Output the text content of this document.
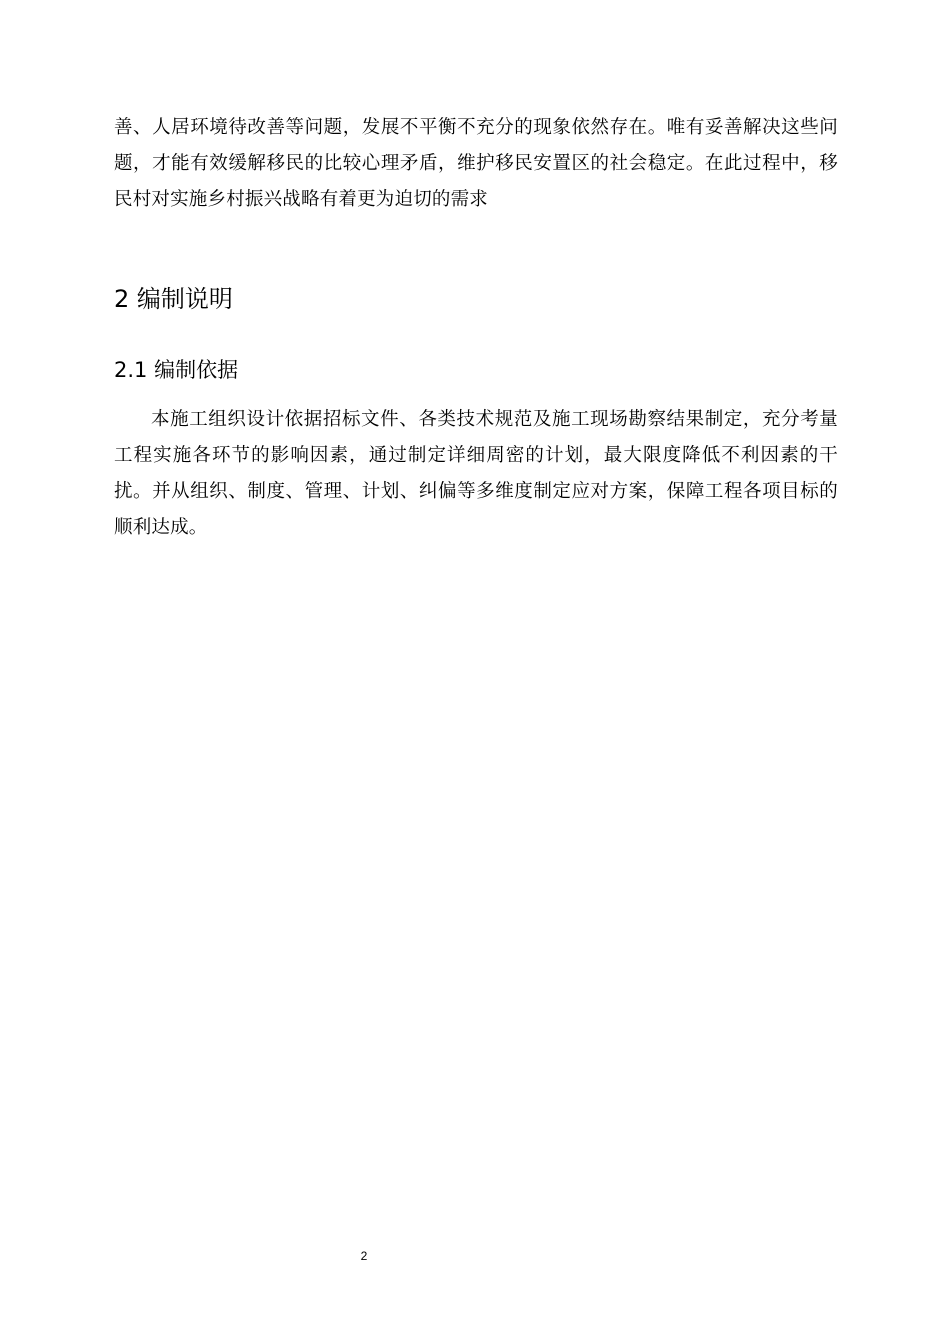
善、人居环境待改善等问题，发展不平衡不充分的现象依然存在。唯有妥善解决这些问题，才能有效缓解移民的比较心理矛盾，维护移民安置区的社会稳定。在此过程中，移民村对实施乡村振兴战略有着更为迫切的需求

2 编制说明
2.1 编制依据

本施工组织设计依据招标文件、各类技术规范及施工现场勘察结果制定，充分考量工程实施各环节的影响因素，通过制定详细周密的计划，最大限度降低不利因素的干扰。并从组织、制度、管理、计划、纠偏等多维度制定应对方案，保障工程各项目标的顺利达成。

2
